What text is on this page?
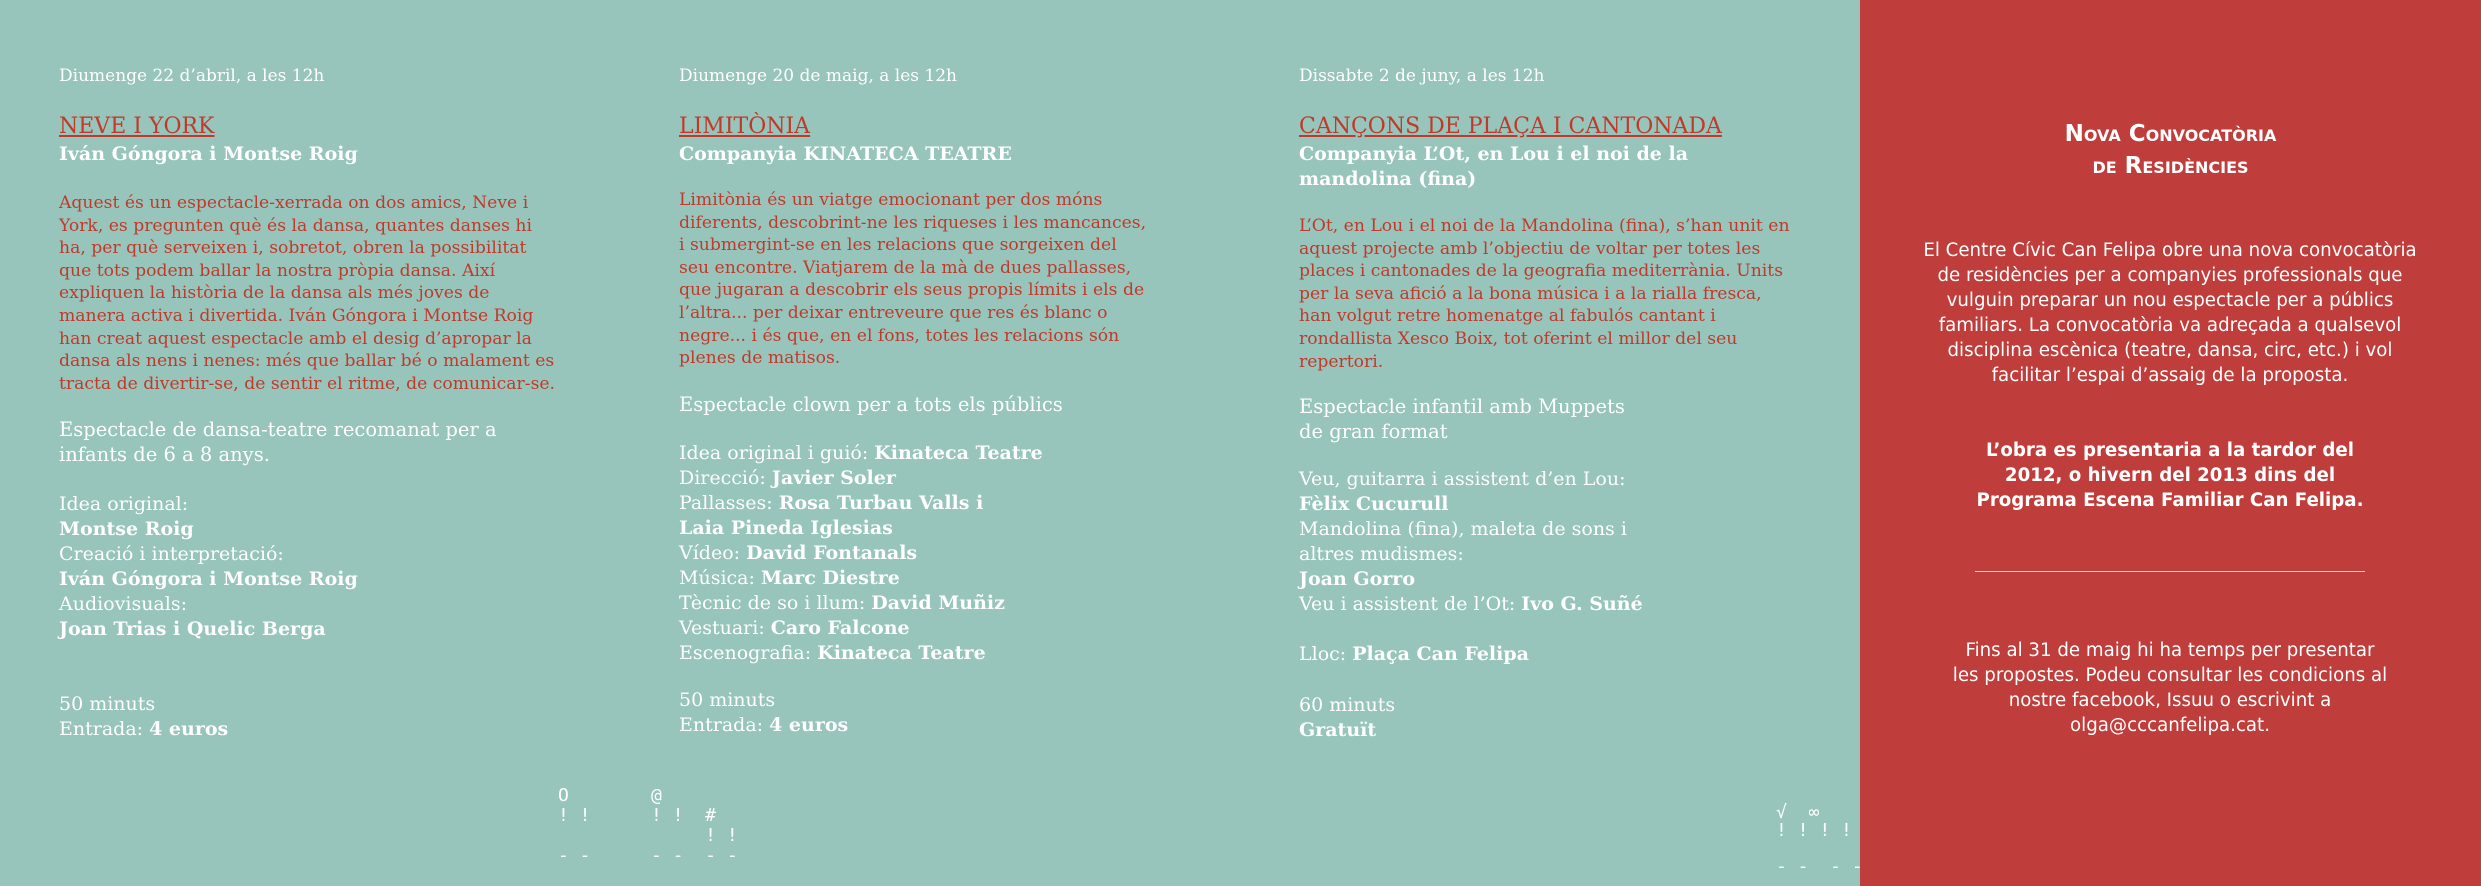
Diumenge 22 d’abril, a les 12h
NEVE I YORK
Iván Góngora i Montse Roig
Aquest és un espectacle-xerrada on dos amics, Neve i York, es pregunten què és la dansa, quantes danses hi ha, per què serveixen i, sobretot, obren la possibilitat que tots podem ballar la nostra pròpia dansa. Així expliquen la història de la dansa als més joves de manera activa i divertida. Iván Góngora i Montse Roig han creat aquest espectacle amb el desig d’apropar la dansa als nens i nenes: més que ballar bé o malament es tracta de divertir-se, de sentir el ritme, de comunicar-se.
Espectacle de dansa-teatre recomanat per a infants de 6 a 8 anys.
Idea original:
Montse Roig
Creació i interpretació:
Iván Góngora i Montse Roig
Audiovisuals:
Joan Trias i Quelic Berga
50 minuts
Entrada: 4 euros
Diumenge 20 de maig, a les 12h
LIMITÒNIA
Companyia KINATECA TEATRE
Limitònia és un viatge emocionant per dos móns diferents, descobrint-ne les riqueses i les mancances, i submergint-se en les relacions que sorgeixen del seu encontre. Viatjarem de la mà de dues pallasses, que jugaran a descobrir els seus propis límits i els de l’altra... per deixar entreveure que res és blanc o negre... i és que, en el fons, totes les relacions són plenes de matisos.
Espectacle clown per a tots els públics
Idea original i guió: Kinateca Teatre
Direcció: Javier Soler
Pallasses: Rosa Turbau Valls i
Laia Pineda Iglesias
Vídeo: David Fontanals
Música: Marc Diestre
Tècnic de so i llum: David Muñiz
Vestuari: Caro Falcone
Escenografia: Kinateca Teatre
50 minuts
Entrada: 4 euros
Dissabte 2 de juny, a les 12h
CANÇONS DE PLAÇA I CANTONADA
Companyia L’Ot, en Lou i el noi de la mandolina (fina)
L’Ot, en Lou i el noi de la Mandolina (fina), s’han unit en aquest projecte amb l’objectiu de voltar per totes les places i cantonades de la geografia mediterrània. Units per la seva afició a la bona música i a la rialla fresca, han volgut retre homenatge al fabulós cantant i rondallista Xesco Boix, tot oferint el millor del seu repertori.
Espectacle infantil amb Muppets de gran format
Veu, guitarra i assistent d’en Lou:
Fèlix Cucurull
Mandolina (fina), maleta de sons i
altres mudismes:
Joan Gorro
Veu i assistent de l’Ot: Ivo G. Suñé
Lloc: Plaça Can Felipa
60 minuts
Gratuït
O
! !

- -
@
! !  #
! !
- -  - -
√  ∞
! ! ! !

- -  - -
Nova Convocatòria
de Residències
El Centre Cívic Can Felipa obre una nova convocatòria de residències per a companyies professionals que vulguin preparar un nou espectacle per a públics familiars. La convocatòria va adreçada a qualsevol disciplina escènica (teatre, dansa, circ, etc.) i vol facilitar l’espai d’assaig de la proposta.
L’obra es presentaria a la tardor del 2012, o hivern del 2013 dins del Programa Escena Familiar Can Felipa.
Fins al 31 de maig hi ha temps per presentar les propostes. Podeu consultar les condicions al nostre facebook, Issuu o escrivint a olga@cccanfelipa.cat.
